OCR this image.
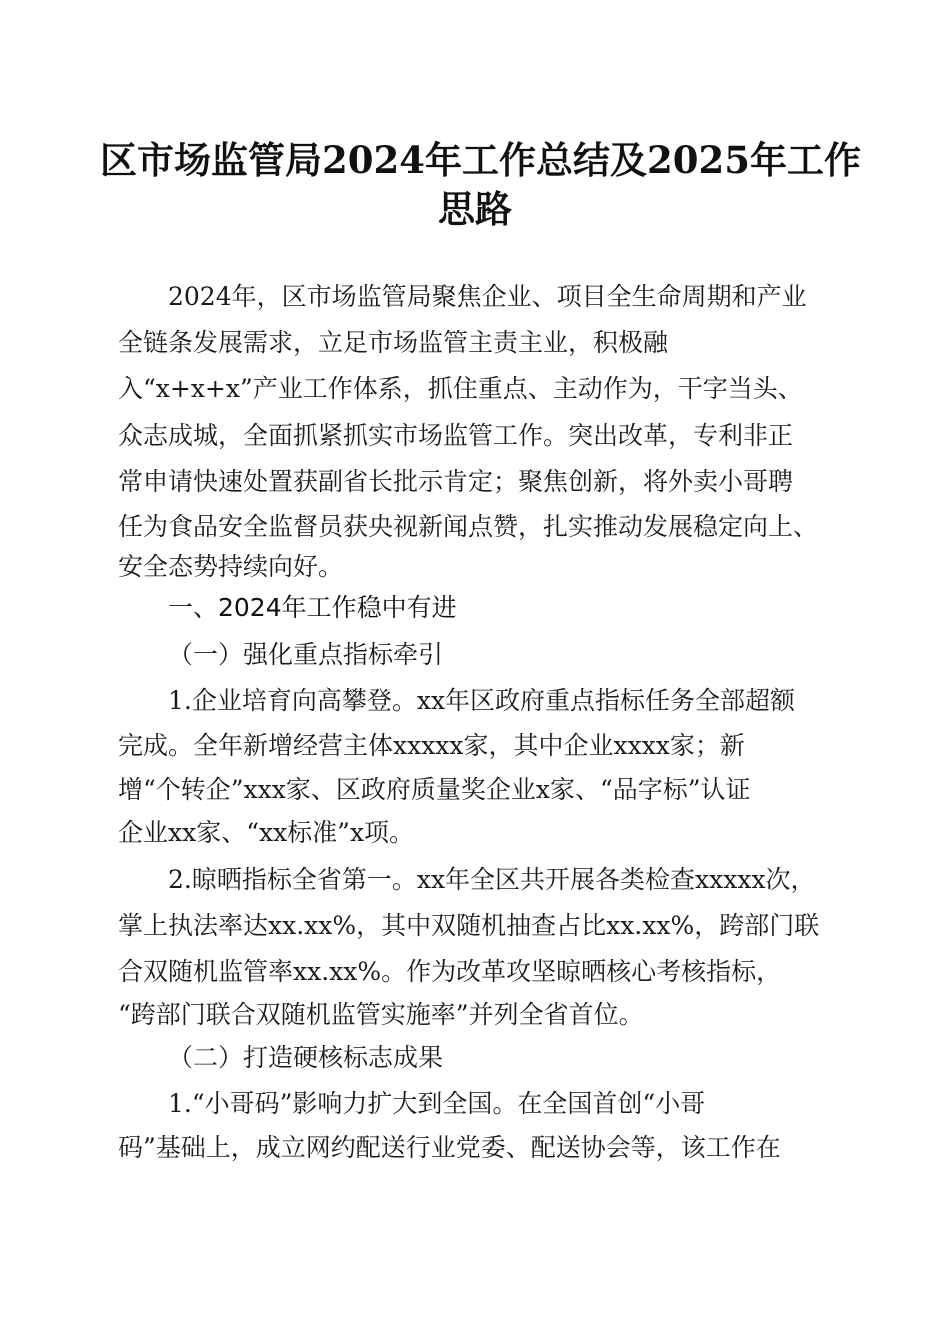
区市场监管局2024年工作总结及2025年工作
思路
2024年，区市场监管局聚焦企业、项目全生命周期和产业
全链条发展需求，立足市场监管主责主业，积极融
入“x+x+x”产业工作体系，抓住重点、主动作为，干字当头、
众志成城，全面抓紧抓实市场监管工作。突出改革，专利非正
常申请快速处置获副省长批示肯定；聚焦创新，将外卖小哥聘
任为食品安全监督员获央视新闻点赞，扎实推动发展稳定向上、
安全态势持续向好。
一、2024年工作稳中有进
（一）强化重点指标牵引
1.企业培育向高攀登。xx年区政府重点指标任务全部超额
完成。全年新增经营主体xxxxx家，其中企业xxxx家；新
增“个转企”xxx家、区政府质量奖企业x家、“品字标”认证
企业xx家、“xx标准”x项。
2.晾晒指标全省第一。xx年全区共开展各类检查xxxxx次，
掌上执法率达xx.xx%，其中双随机抽查占比xx.xx%，跨部门联
合双随机监管率xx.xx%。作为改革攻坚晾晒核心考核指标，
“跨部门联合双随机监管实施率”并列全省首位。
（二）打造硬核标志成果
1.“小哥码”影响力扩大到全国。在全国首创“小哥
码”基础上，成立网约配送行业党委、配送协会等，该工作在
